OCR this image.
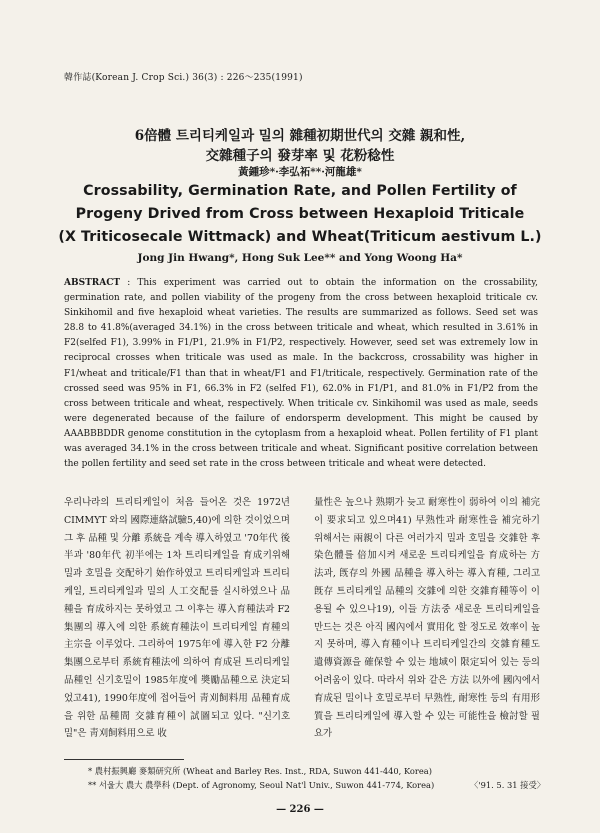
韓作誌(Korean J. Crop Sci.) 36(3) : 226～235(1991)
6倍體 트리티케일과 밀의 雜種初期世代의 交雜 親和性,
交雜種子의 發芽率 및 花粉稔性
黃鍾珍*·李弘祏**·河龍雄*
Crossability, Germination Rate, and Pollen Fertility of
Progeny Drived from Cross between Hexaploid Triticale
(X Triticosecale Wittmack) and Wheat(Triticum aestivum L.)
Jong Jin Hwang*, Hong Suk Lee** and Yong Woong Ha*
ABSTRACT : This experiment was carried out to obtain the information on the crossability, germination rate, and pollen viability of the progeny from the cross between hexaploid triticale cv. Sinkihomil and five hexaploid wheat varieties. The results are summarized as follows. Seed set was 28.8 to 41.8%(averaged 34.1%) in the cross between triticale and wheat, which resulted in 3.61% in F2(selfed F1), 3.99% in F1/P1, 21.9% in F1/P2, respectively. However, seed set was extremely low in reciprocal crosses when triticale was used as male. In the backcross, crossability was higher in F1/wheat and triticale/F1 than that in wheat/F1 and F1/triticale, respectively. Germination rate of the crossed seed was 95% in F1, 66.3% in F2 (selfed F1), 62.0% in F1/P1, and 81.0% in F1/P2 from the cross between triticale and wheat, respectively. When triticale cv. Sinkihomil was used as male, seeds were degenerated because of the failure of endorsperm development. This might be caused by AAABBBDDR genome constitution in the cytoplasm from a hexaploid wheat. Pollen fertility of F1 plant was averaged 34.1% in the cross between triticale and wheat. Significant positive correlation between the pollen fertility and seed set rate in the cross between triticale and wheat were detected.
우리나라의 트리티케일이 처음 들어온 것은 1972년 CIMMYT 와의 國際連絡試驗5,40)에 의한 것이었으며 그 후 品種 및 分離 系統을 계속 導入하였고 '70年代 後半과 '80年代 初半에는 1차 트리티케일을 育成키위해 밀과 호밀을 交配하기 始作하였고 트리티케일과 트리티케일, 트리티케일과 밀의 人工交配를 실시하였으나 品種을 育成하지는 못하였고 그 이후는 導入育種法과 F2 集團의 導入에 의한 系統育種法이 트리티케일 育種의 主宗을 이루었다. 그리하여 1975年에 導入한 F2 分離集團으로부터 系統育種法에 의하여 育成된 트리티케일 品種인 신기호밀이 1985年度에 奬勵品種으로 決定되었고41), 1990年度에 접어들어 靑刈飼料用 品種育成을 위한 品種間 交雜育種이 試圖되고 있다. "신기호밀"은 靑刈飼料用으로 收
量性은 높으나 熟期가 늦고 耐寒性이 弱하여 이의 補完이 要求되고 있으며41) 早熟性과 耐寒性을 補完하기 위해서는 兩親이 다른 여러가지 밀과 호밀을 交雜한 후 染色體를 倍加시켜 새로운 트리티케일을 育成하는 方法과, 旣存의 外國 品種을 導入하는 導入育種, 그리고 旣存 트리티케일 品種의 交雜에 의한 交雜育種等이 이용될 수 있으나19), 이들 方法중 새로운 트리티케일을 만드는 것은 아직 國內에서 實用化 할 정도로 效率이 높지 못하며, 導入育種이나 트리티케일간의 交雜育種도 遺傳資源을 確保할 수 있는 地域이 限定되어 있는 등의 어려움이 있다. 따라서 위와 같은 方法 以外에 國內에서 育成된 밀이나 호밀로부터 早熟性, 耐寒性 등의 有用形質을 트리티케일에 導入할 수 있는 可能性을 檢討할 필요가
* 農村振興廳 麥類研究所 (Wheat and Barley Res. Inst., RDA, Suwon 441-440, Korea)
** 서울大 農大 農學科 (Dept. of Agronomy, Seoul Nat'l Univ., Suwon 441-774, Korea)	〈'91. 5. 31 接受〉
— 226 —
